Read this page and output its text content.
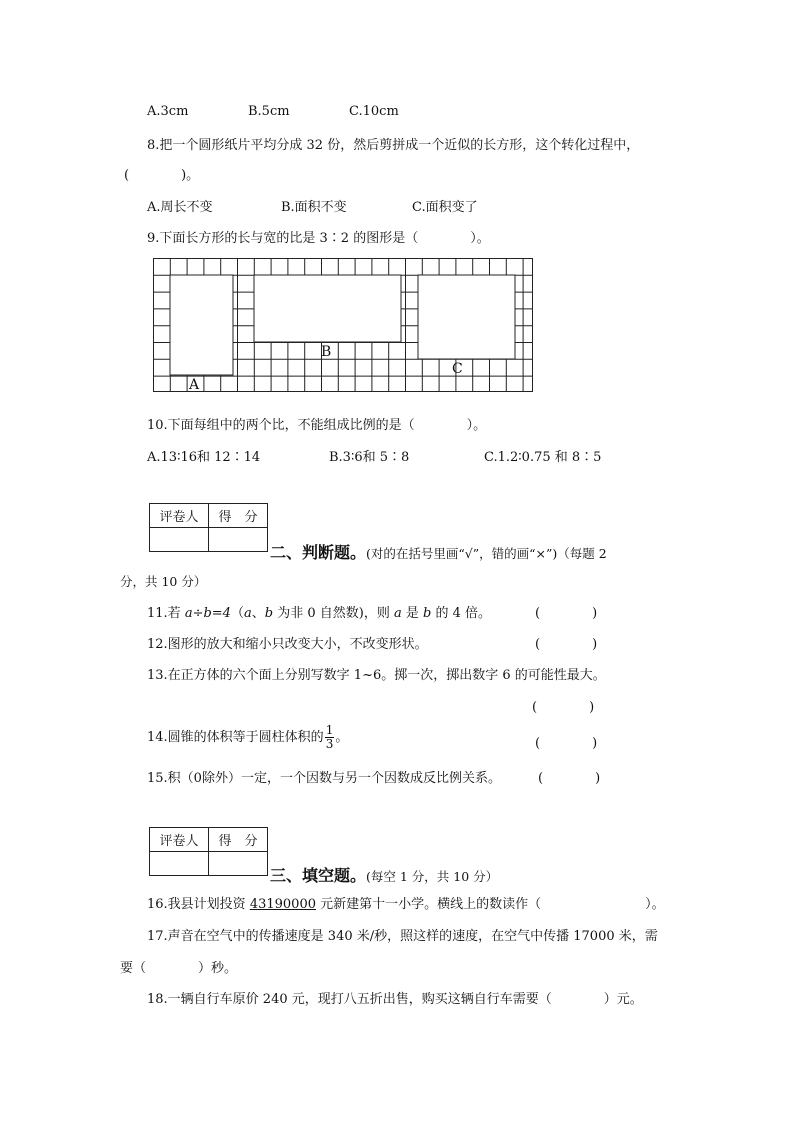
A.3cm	B.5cm	C.10cm
8.把一个圆形纸片平均分成 32 份，然后剪拼成一个近似的长方形，这个转化过程中，
(　　　　)。
A.周长不变	B.面积不变	C.面积变了
9.下面长方形的长与宽的比是 3∶2 的图形是（　　　　）。
A
B
C
10.下面每组中的两个比，不能组成比例的是（　　　　）。
A.13∶16和 12∶14	B.3∶6和 5∶8	C.1.2∶0.75 和 8∶5
评卷人	得　分

二、判断题。(对的在括号里画“√”，错的画“×”)（每题 2
分，共 10 分）
11.若 a÷b=4（a、b 为非 0 自然数)，则 a 是 b 的 4 倍。	(　　　　)
12.图形的放大和缩小只改变大小，不改变形状。	(　　　　)
13.在正方体的六个面上分别写数字 1~6。掷一次，掷出数字 6 的可能性最大。
(　　　　)
14.圆锥的体积等于圆柱体积的 $\frac{1}{3}$ 。	(　　　　)
15.积（0除外）一定，一个因数与另一个因数成反比例关系。	(　　　　)
评卷人	得　分

三、填空题。(每空 1 分，共 10 分）
16.我县计划投资 43190000 元新建第十一小学。横线上的数读作（　　　　　　　　）。
17.声音在空气中的传播速度是 340 米/秒，照这样的速度，在空气中传播 17000 米，需
要（　　　　）秒。
18.一辆自行车原价 240 元，现打八五折出售，购买这辆自行车需要（　　　　）元。
